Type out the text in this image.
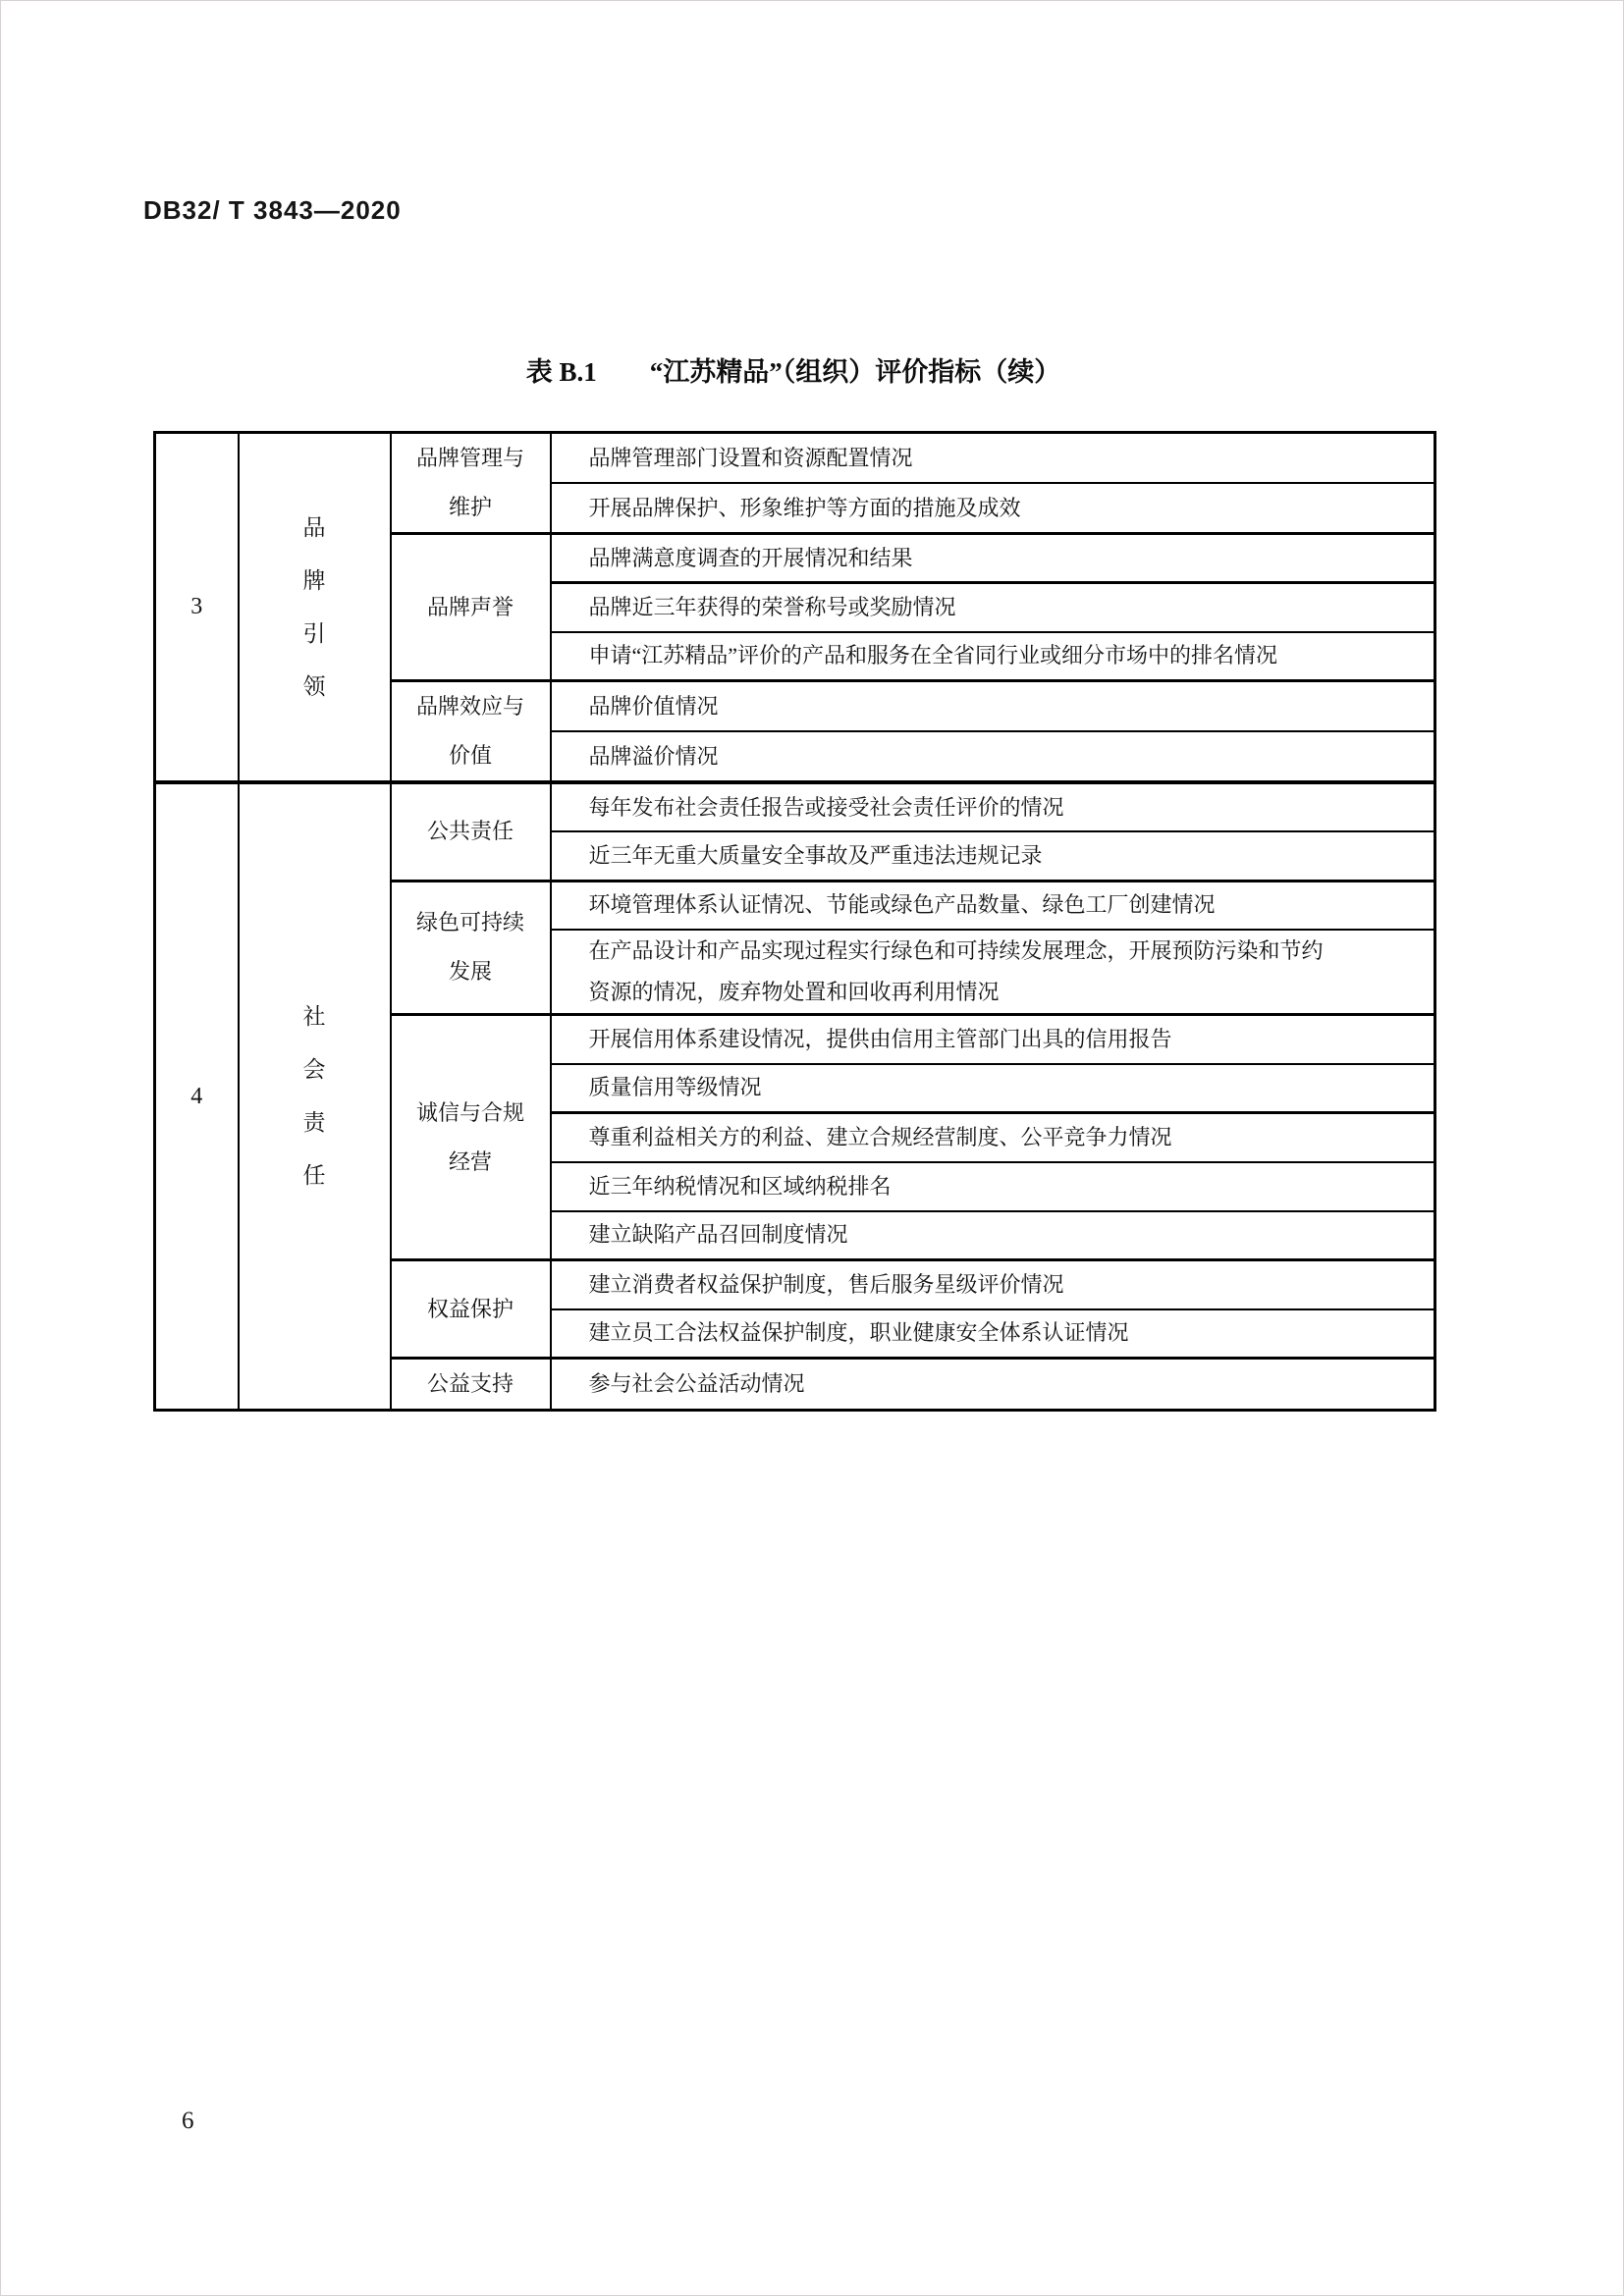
DB32/ T 3843—2020
表 B.1　　“江苏精品”（组织）评价指标（续）
3	品牌引领	品牌管理与维护	品牌管理部门设置和资源配置情况
			开展品牌保护、形象维护等方面的措施及成效
		品牌声誉	品牌满意度调查的开展情况和结果
			品牌近三年获得的荣誉称号或奖励情况
			申请“江苏精品”评价的产品和服务在全省同行业或细分市场中的排名情况
		品牌效应与价值	品牌价值情况
			品牌溢价情况
4	社会责任	公共责任	每年发布社会责任报告或接受社会责任评价的情况
			近三年无重大质量安全事故及严重违法违规记录
		绿色可持续发展	环境管理体系认证情况、节能或绿色产品数量、绿色工厂创建情况
			在产品设计和产品实现过程实行绿色和可持续发展理念，开展预防污染和节约资源的情况，废弃物处置和回收再利用情况
		诚信与合规经营	开展信用体系建设情况，提供由信用主管部门出具的信用报告
			质量信用等级情况
			尊重利益相关方的利益、建立合规经营制度、公平竞争力情况
			近三年纳税情况和区域纳税排名
			建立缺陷产品召回制度情况
		权益保护	建立消费者权益保护制度，售后服务星级评价情况
			建立员工合法权益保护制度，职业健康安全体系认证情况
		公益支持	参与社会公益活动情况
6
